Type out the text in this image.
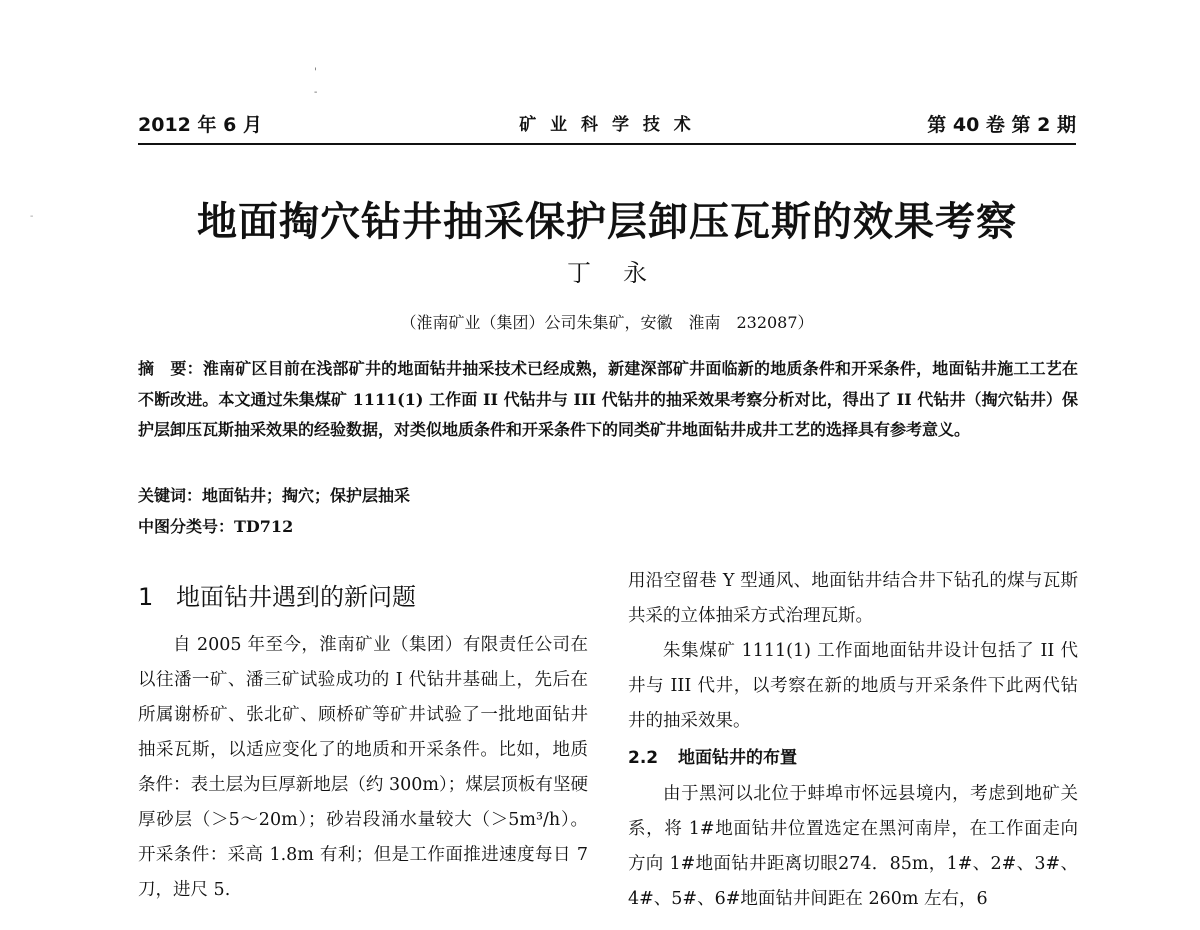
'
-
-
2012 年 6 月	矿 业 科 学 技 术	第 40 卷 第 2 期
地面掏穴钻井抽采保护层卸压瓦斯的效果考察
丁永
（淮南矿业（集团）公司朱集矿，安徽　淮南　232087）
摘　要：淮南矿区目前在浅部矿井的地面钻井抽采技术已经成熟，新建深部矿井面临新的地质条件和开采条件，地面钻井施工工艺在不断改进。本文通过朱集煤矿 1111(1) 工作面 II 代钻井与 III 代钻井的抽采效果考察分析对比，得出了 II 代钻井（掏穴钻井）保护层卸压瓦斯抽采效果的经验数据，对类似地质条件和开采条件下的同类矿井地面钻井成井工艺的选择具有参考意义。
关键词：地面钻井；掏穴；保护层抽采
中图分类号：TD712
1 地面钻井遇到的新问题

自 2005 年至今，淮南矿业（集团）有限责任公司在以往潘一矿、潘三矿试验成功的 I 代钻井基础上，先后在所属谢桥矿、张北矿、顾桥矿等矿井试验了一批地面钻井抽采瓦斯，以适应变化了的地质和开采条件。比如，地质条件：表土层为巨厚新地层（约 300m）；煤层顶板有坚硬厚砂层（＞5～20m）；砂岩段涌水量较大（＞5m³/h）。开采条件：采高 1.8m 有利；但是工作面推进速度每日 7 刀，进尺 5.

用沿空留巷 Y 型通风、地面钻井结合井下钻孔的煤与瓦斯共采的立体抽采方式治理瓦斯。

朱集煤矿 1111(1) 工作面地面钻井设计包括了 II 代井与 III 代井，以考察在新的地质与开采条件下此两代钻井的抽采效果。

2.2 地面钻井的布置

由于黑河以北位于蚌埠市怀远县境内，考虑到地矿关系，将 1#地面钻井位置选定在黑河南岸，在工作面走向方向 1#地面钻井距离切眼274．85m，1#、2#、3#、4#、5#、6#地面钻井间距在 260m 左右，6
